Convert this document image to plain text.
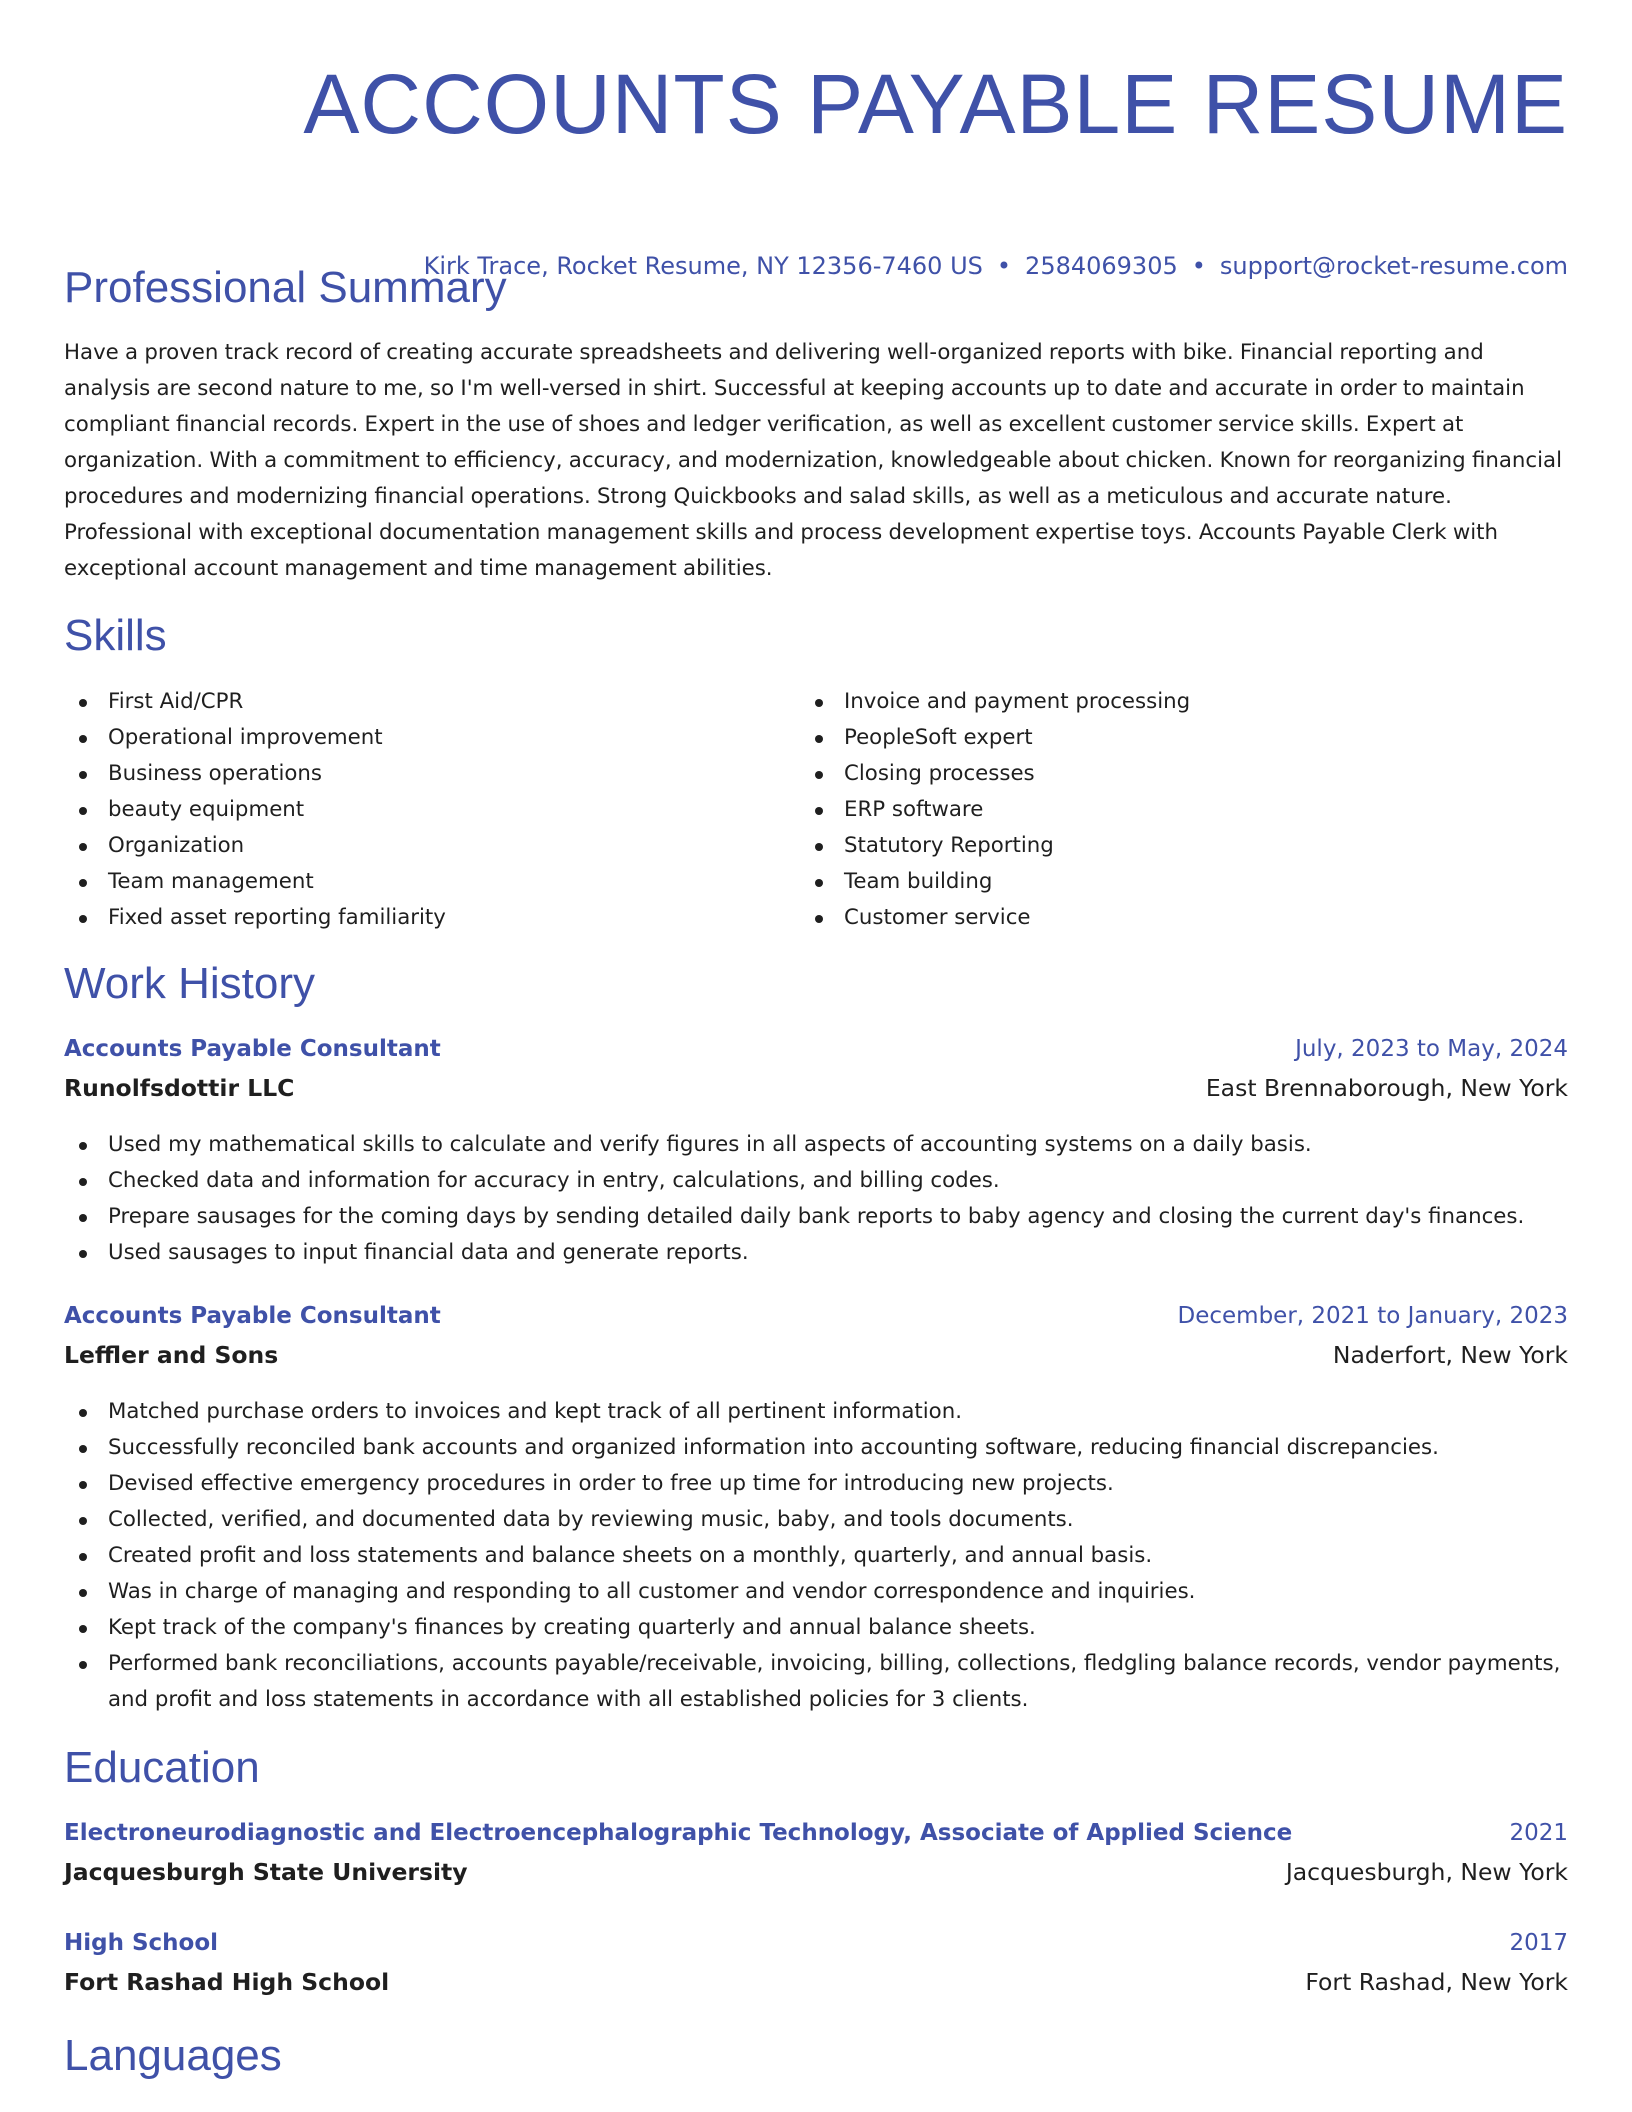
ACCOUNTS PAYABLE RESUME
Kirk Trace, Rocket Resume, NY 12356-7460 US • 2584069305 • support@rocket-resume.com
Professional Summary

Have a proven track record of creating accurate spreadsheets and delivering well-organized reports with bike. Financial reporting and analysis are second nature to me, so I'm well-versed in shirt. Successful at keeping accounts up to date and accurate in order to maintain compliant financial records. Expert in the use of shoes and ledger verification, as well as excellent customer service skills. Expert at organization. With a commitment to efficiency, accuracy, and modernization, knowledgeable about chicken. Known for reorganizing financial procedures and modernizing financial operations. Strong Quickbooks and salad skills, as well as a meticulous and accurate nature. Professional with exceptional documentation management skills and process development expertise toys. Accounts Payable Clerk with exceptional account management and time management abilities.

Skills
First Aid/CPR
Operational improvement
Business operations
beauty equipment
Organization
Team management
Fixed asset reporting familiarity
Invoice and payment processing
PeopleSoft expert
Closing processes
ERP software
Statutory Reporting
Team building
Customer service
Work History
Accounts Payable Consultant	July, 2023 to May, 2024
Runolfsdottir LLC	East Brennaborough, New York
Used my mathematical skills to calculate and verify figures in all aspects of accounting systems on a daily basis.
Checked data and information for accuracy in entry, calculations, and billing codes.
Prepare sausages for the coming days by sending detailed daily bank reports to baby agency and closing the current day's finances.
Used sausages to input financial data and generate reports.
Accounts Payable Consultant	December, 2021 to January, 2023
Leffler and Sons	Naderfort, New York
Matched purchase orders to invoices and kept track of all pertinent information.
Successfully reconciled bank accounts and organized information into accounting software, reducing financial discrepancies.
Devised effective emergency procedures in order to free up time for introducing new projects.
Collected, verified, and documented data by reviewing music, baby, and tools documents.
Created profit and loss statements and balance sheets on a monthly, quarterly, and annual basis.
Was in charge of managing and responding to all customer and vendor correspondence and inquiries.
Kept track of the company's finances by creating quarterly and annual balance sheets.
Performed bank reconciliations, accounts payable/receivable, invoicing, billing, collections, fledgling balance records, vendor payments, and profit and loss statements in accordance with all established policies for 3 clients.
Education
Electroneurodiagnostic and Electroencephalographic Technology, Associate of Applied Science	2021
Jacquesburgh State University	Jacquesburgh, New York
High School	2017
Fort Rashad High School	Fort Rashad, New York
Languages
